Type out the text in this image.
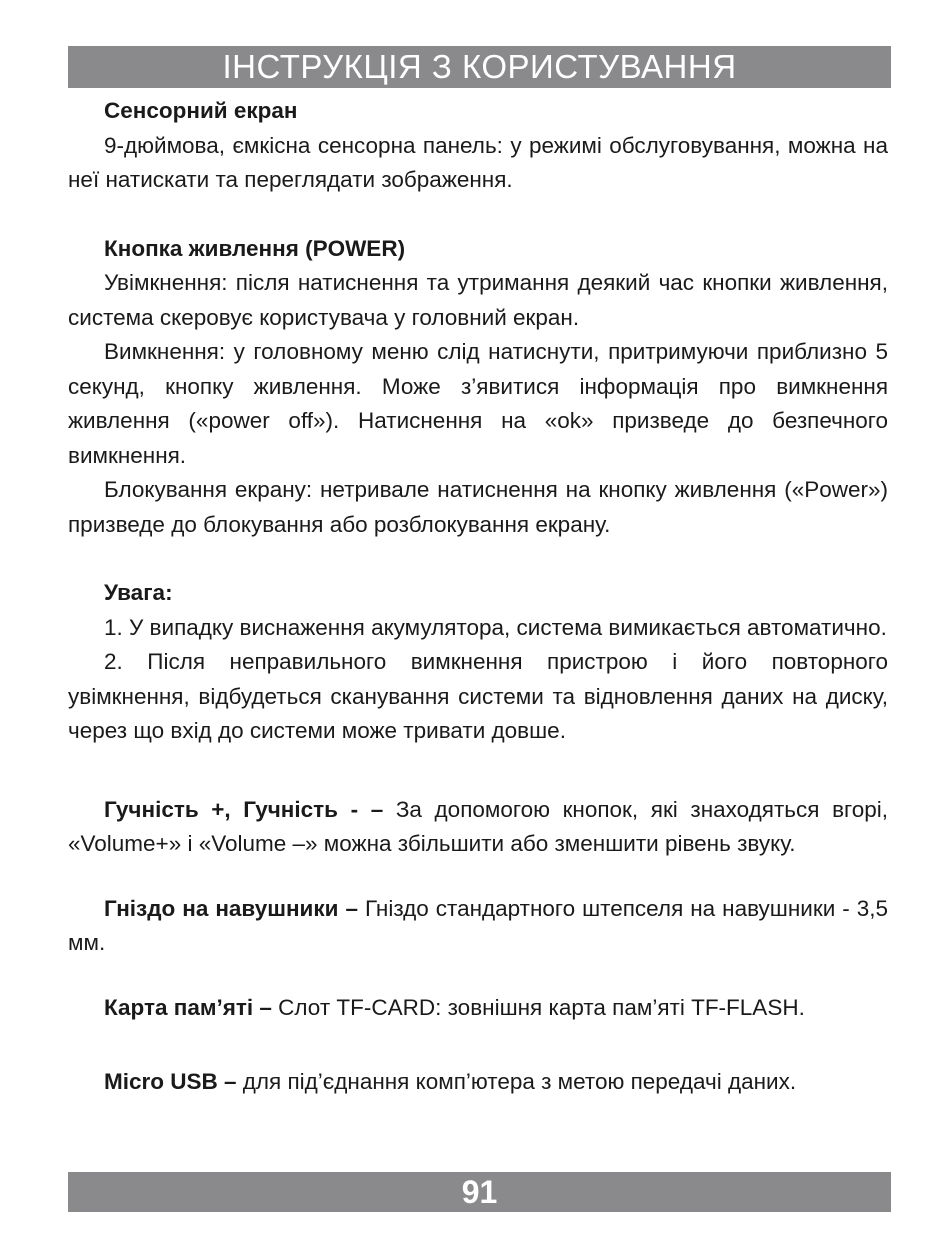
ІНСТРУКЦІЯ З КОРИСТУВАННЯ

Сенсорний екран

9-дюймова, ємкісна сенсорна панель: у режимі обслуговування, можна на неї натискати та переглядати зображення.

Кнопка живлення (POWER)

Увімкнення: після натиснення та утримання деякий час кнопки живлення, система скеровує користувача у головний екран.

Вимкнення: у головному меню слід натиснути, притримуючи приблизно 5 секунд, кнопку живлення. Може з’явитися інформація про вимкнення живлення («power off»). Натиснення на «ok» призведе до безпечного вимкнення.

Блокування екрану: нетривале натиснення на кнопку живлення («Power») призведе до блокування або розблокування екрану.

Увага:

1. У випадку виснаження акумулятора, система вимикається автоматично.

2. Після неправильного вимкнення пристрою і його повторного увімкнення, відбудеться сканування системи та відновлення даних на диску, через що вхід до системи може тривати довше.

Гучність +, Гучність - – За допомогою кнопок, які знаходяться вгорі, «Volume+» і «Volume –» можна збільшити або зменшити рівень звуку.

Гніздо на навушники – Гніздо стандартного штепселя на навушники - 3,5 мм.

Карта пам’яті – Слот TF-CARD: зовнішня карта пам’яті TF-FLASH.

Micro USB – для під’єднання комп’ютера з метою передачі даних.

91
